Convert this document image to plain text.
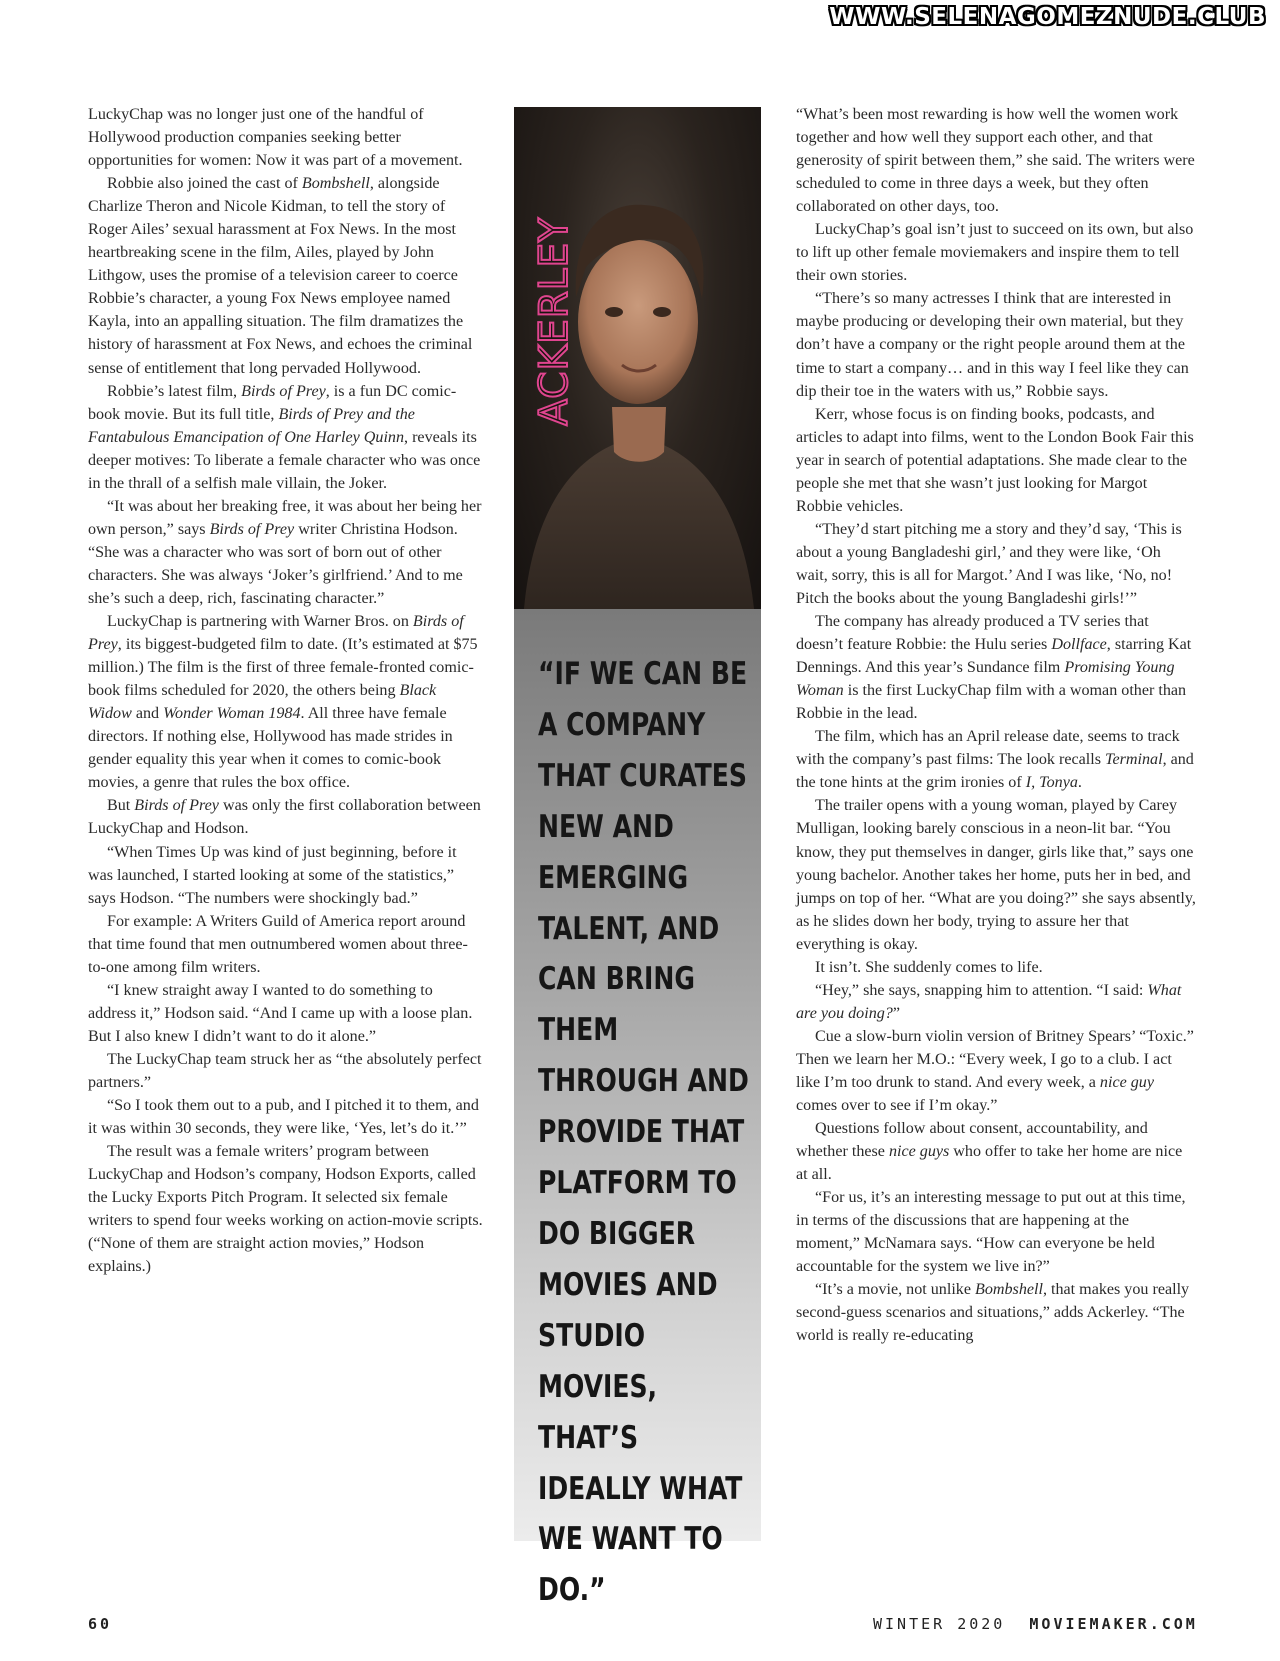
WWW.SELENAGOMEZNUDE.CLUB

LuckyChap was no longer just one of the handful of Hollywood production companies seeking better opportunities for women: Now it was part of a movement.

Robbie also joined the cast of Bombshell, alongside Charlize Theron and Nicole Kidman, to tell the story of Roger Ailes’ sexual harassment at Fox News. In the most heartbreaking scene in the film, Ailes, played by John Lithgow, uses the promise of a television career to coerce Robbie’s character, a young Fox News employee named Kayla, into an appalling situation. The film dramatizes the history of harassment at Fox News, and echoes the criminal sense of entitlement that long pervaded Hollywood.

Robbie’s latest film, Birds of Prey, is a fun DC comic-book movie. But its full title, Birds of Prey and the Fantabulous Emancipation of One Harley Quinn, reveals its deeper motives: To liberate a female character who was once in the thrall of a selfish male villain, the Joker.

“It was about her breaking free, it was about her being her own person,” says Birds of Prey writer Christina Hodson. “She was a character who was sort of born out of other characters. She was always ‘Joker’s girlfriend.’ And to me she’s such a deep, rich, fascinating character.”

LuckyChap is partnering with Warner Bros. on Birds of Prey, its biggest-budgeted film to date. (It’s estimated at $75 million.) The film is the first of three female-fronted comic-book films scheduled for 2020, the others being Black Widow and Wonder Woman 1984. All three have female directors. If nothing else, Hollywood has made strides in gender equality this year when it comes to comic-book movies, a genre that rules the box office.

But Birds of Prey was only the first collaboration between LuckyChap and Hodson.

“When Times Up was kind of just beginning, before it was launched, I started looking at some of the statistics,” says Hodson. “The numbers were shockingly bad.”

For example: A Writers Guild of America report around that time found that men outnumbered women about three-to-one among film writers.

“I knew straight away I wanted to do something to address it,” Hodson said. “And I came up with a loose plan. But I also knew I didn’t want to do it alone.”

The LuckyChap team struck her as “the absolutely perfect partners.”

“So I took them out to a pub, and I pitched it to them, and it was within 30 seconds, they were like, ‘Yes, let’s do it.’”

The result was a female writers’ program between LuckyChap and Hodson’s company, Hodson Exports, called the Lucky Exports Pitch Program. It selected six female writers to spend four weeks working on action-movie scripts. (“None of them are straight action movies,” Hodson explains.)

ACKERLEY
“IF WE CAN BE A COMPANY THAT CURATES NEW AND EMERGING TALENT, AND CAN BRING THEM THROUGH AND PROVIDE THAT PLATFORM TO DO BIGGER MOVIES AND STUDIO MOVIES, THAT’S IDEALLY WHAT WE WANT TO DO.”

“What’s been most rewarding is how well the women work together and how well they support each other, and that generosity of spirit between them,” she said. The writers were scheduled to come in three days a week, but they often collaborated on other days, too.

LuckyChap’s goal isn’t just to succeed on its own, but also to lift up other female moviemakers and inspire them to tell their own stories.

“There’s so many actresses I think that are interested in maybe producing or developing their own material, but they don’t have a company or the right people around them at the time to start a company… and in this way I feel like they can dip their toe in the waters with us,” Robbie says.

Kerr, whose focus is on finding books, podcasts, and articles to adapt into films, went to the London Book Fair this year in search of potential adaptations. She made clear to the people she met that she wasn’t just looking for Margot Robbie vehicles.

“They’d start pitching me a story and they’d say, ‘This is about a young Bangladeshi girl,’ and they were like, ‘Oh wait, sorry, this is all for Margot.’ And I was like, ‘No, no! Pitch the books about the young Bangladeshi girls!’”

The company has already produced a TV series that doesn’t feature Robbie: the Hulu series Dollface, starring Kat Dennings. And this year’s Sundance film Promising Young Woman is the first LuckyChap film with a woman other than Robbie in the lead.

The film, which has an April release date, seems to track with the company’s past films: The look recalls Terminal, and the tone hints at the grim ironies of I, Tonya.

The trailer opens with a young woman, played by Carey Mulligan, looking barely conscious in a neon-lit bar. “You know, they put themselves in danger, girls like that,” says one young bachelor. Another takes her home, puts her in bed, and jumps on top of her. “What are you doing?” she says absently, as he slides down her body, trying to assure her that everything is okay.

It isn’t. She suddenly comes to life.

“Hey,” she says, snapping him to attention. “I said: What are you doing?”

Cue a slow-burn violin version of Britney Spears’ “Toxic.” Then we learn her M.O.: “Every week, I go to a club. I act like I’m too drunk to stand. And every week, a nice guy comes over to see if I’m okay.”

Questions follow about consent, accountability, and whether these nice guys who offer to take her home are nice at all.

“For us, it’s an interesting message to put out at this time, in terms of the discussions that are happening at the moment,” McNamara says. “How can everyone be held accountable for the system we live in?”

“It’s a movie, not unlike Bombshell, that makes you really second-guess scenarios and situations,” adds Ackerley. “The world is really re-educating

60	WINTER 2020 MOVIEMAKER.COM
